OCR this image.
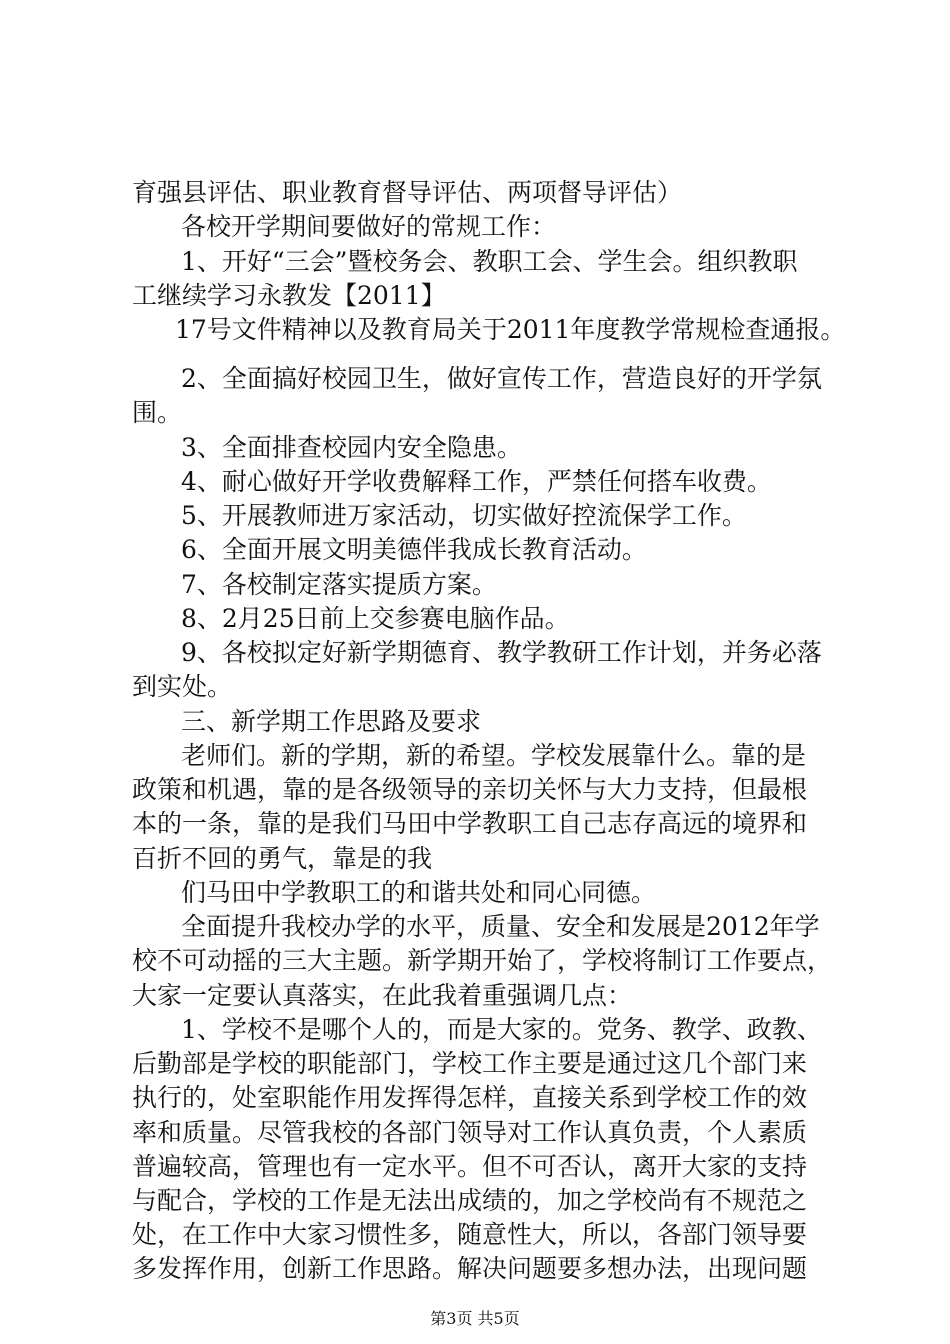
育强县评估、职业教育督导评估、两项督导评估）
各校开学期间要做好的常规工作：
1、开好“三会”暨校务会、教职工会、学生会。组织教职
工继续学习永教发【2011】
17号文件精神以及教育局关于2011年度教学常规检查通报。
2、全面搞好校园卫生，做好宣传工作，营造良好的开学氛
围。
3、全面排查校园内安全隐患。
4、耐心做好开学收费解释工作，严禁任何搭车收费。
5、开展教师进万家活动，切实做好控流保学工作。
6、全面开展文明美德伴我成长教育活动。
7、各校制定落实提质方案。
8、2月25日前上交参赛电脑作品。
9、各校拟定好新学期德育、教学教研工作计划，并务必落
到实处。
三、新学期工作思路及要求
老师们。新的学期，新的希望。学校发展靠什么。靠的是
政策和机遇，靠的是各级领导的亲切关怀与大力支持，但最根
本的一条，靠的是我们马田中学教职工自己志存高远的境界和
百折不回的勇气，靠是的我
们马田中学教职工的和谐共处和同心同德。
全面提升我校办学的水平，质量、安全和发展是2012年学
校不可动摇的三大主题。新学期开始了，学校将制订工作要点，
大家一定要认真落实，在此我着重强调几点：
1、学校不是哪个人的，而是大家的。党务、教学、政教、
后勤部是学校的职能部门，学校工作主要是通过这几个部门来
执行的，处室职能作用发挥得怎样，直接关系到学校工作的效
率和质量。尽管我校的各部门领导对工作认真负责，个人素质
普遍较高，管理也有一定水平。但不可否认，离开大家的支持
与配合，学校的工作是无法出成绩的，加之学校尚有不规范之
处，在工作中大家习惯性多，随意性大，所以，各部门领导要
多发挥作用，创新工作思路。解决问题要多想办法，出现问题
第3页 共5页
